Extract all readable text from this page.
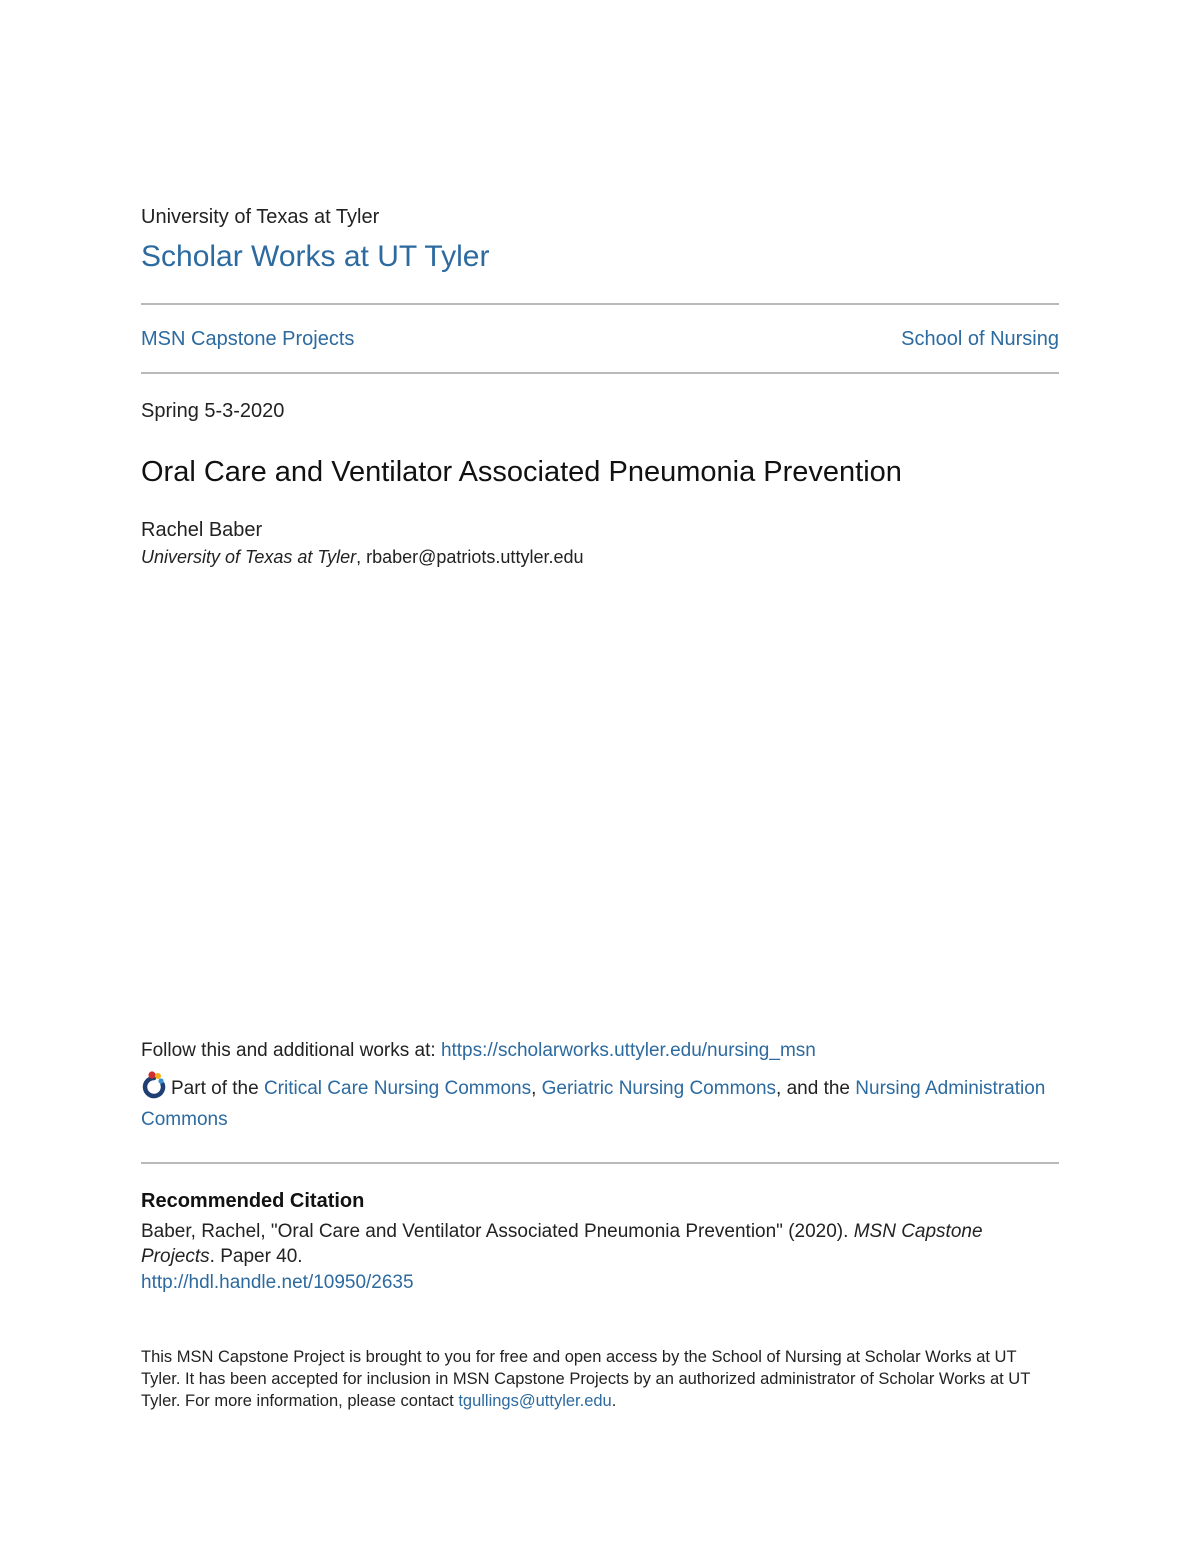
University of Texas at Tyler
Scholar Works at UT Tyler
MSN Capstone Projects	School of Nursing
Spring 5-3-2020
Oral Care and Ventilator Associated Pneumonia Prevention
Rachel Baber
University of Texas at Tyler, rbaber@patriots.uttyler.edu
Follow this and additional works at: https://scholarworks.uttyler.edu/nursing_msn
Part of the Critical Care Nursing Commons, Geriatric Nursing Commons, and the Nursing Administration Commons
Recommended Citation
Baber, Rachel, "Oral Care and Ventilator Associated Pneumonia Prevention" (2020). MSN Capstone Projects. Paper 40.
http://hdl.handle.net/10950/2635
This MSN Capstone Project is brought to you for free and open access by the School of Nursing at Scholar Works at UT Tyler. It has been accepted for inclusion in MSN Capstone Projects by an authorized administrator of Scholar Works at UT Tyler. For more information, please contact tgullings@uttyler.edu.
